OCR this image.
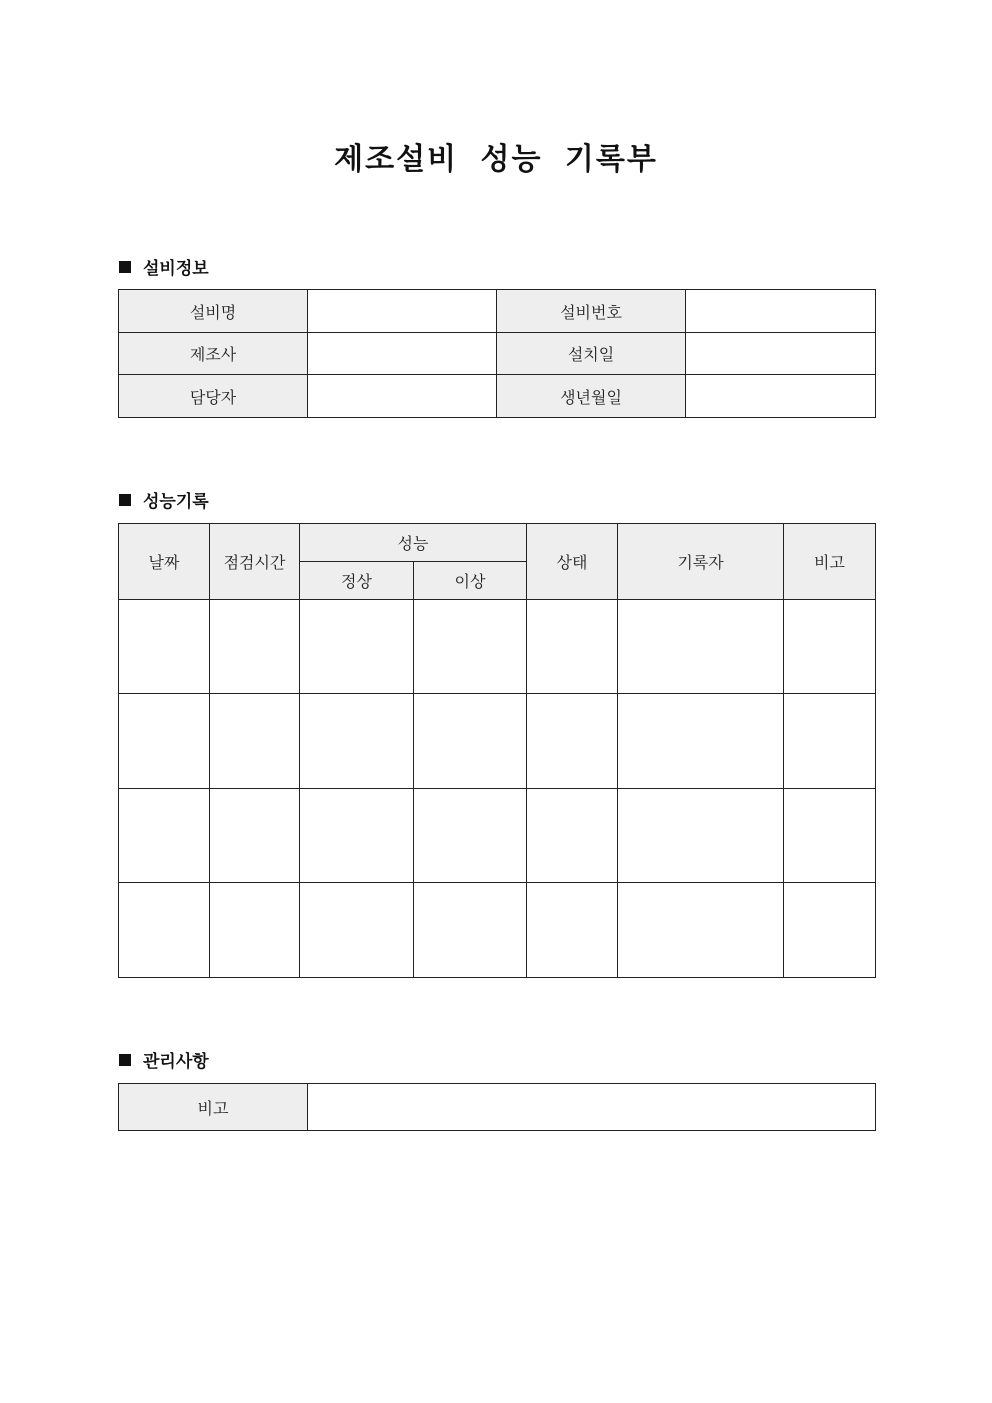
제조설비 성능 기록부
설비정보
설비명		설비번호	
제조사		설치일	
담당자		생년월일	
성능기록
날짜	점검시간	성능		상태	기록자	비고
		정상	이상			

관리사항
비고	
